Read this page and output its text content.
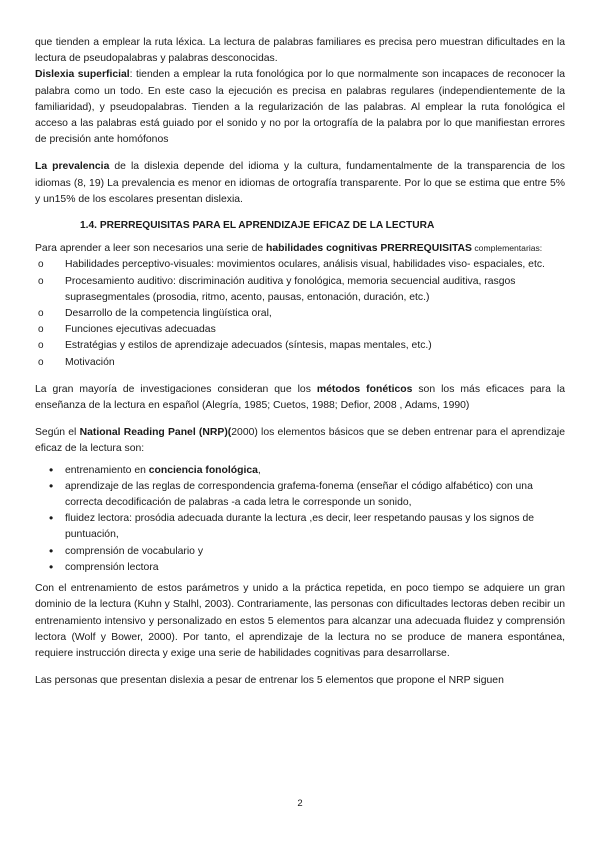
que tienden a emplear la ruta léxica. La lectura de palabras familiares es precisa pero muestran dificultades en la lectura de pseudopalabras y palabras desconocidas.

Dislexia superficial: tienden a emplear la ruta fonológica por lo que normalmente son incapaces de reconocer la palabra como un todo. En este caso la ejecución es precisa en palabras regulares (independientemente de la familiaridad), y pseudopalabras. Tienden a la regularización de las palabras. Al emplear la ruta fonológica el acceso a las palabras está guiado por el sonido y no por la ortografía de la palabra por lo que manifiestan errores de precisión ante homófonos

La prevalencia de la dislexia depende del idioma y la cultura, fundamentalmente de la transparencia de los idiomas (8, 19) La prevalencia es menor en idiomas de ortografía transparente. Por lo que se estima que entre 5% y un15% de los escolares presentan dislexia.

1.4. PRERREQUISITAS PARA EL APRENDIZAJE EFICAZ DE LA LECTURA

Para aprender a leer son necesarios una serie de habilidades cognitivas PRERREQUISITAS complementarias:

o Habilidades perceptivo-visuales: movimientos oculares, análisis visual, habilidades viso- espaciales, etc.
o Procesamiento auditivo: discriminación auditiva y fonológica, memoria secuencial auditiva, rasgos suprasegmentales (prosodia, ritmo, acento, pausas, entonación, duración, etc.)
o Desarrollo de la competencia lingüística oral,
o Funciones ejecutivas adecuadas
o Estratégias y estilos de aprendizaje adecuados (síntesis, mapas mentales, etc.)
o Motivación

La gran mayoría de investigaciones consideran que los métodos fonéticos son los más eficaces para la enseñanza de la lectura en español (Alegría, 1985; Cuetos, 1988; Defior, 2008 , Adams, 1990)

Según el National Reading Panel (NRP)(2000) los elementos básicos que se deben entrenar para el aprendizaje eficaz de la lectura son:

• entrenamiento en conciencia fonológica,
• aprendizaje de las reglas de correspondencia grafema-fonema (enseñar el código alfabético) con una correcta decodificación de palabras -a cada letra le corresponde un sonido,
• fluidez lectora: prosódia adecuada durante la lectura ,es decir, leer respetando pausas y los signos de puntuación,
• comprensión de vocabulario y
• comprensión lectora

Con el entrenamiento de estos parámetros y unido a la práctica repetida, en poco tiempo se adquiere un gran dominio de la lectura (Kuhn y Stalhl, 2003). Contrariamente, las personas con dificultades lectoras deben recibir un entrenamiento intensivo y personalizado en estos 5 elementos para alcanzar una adecuada fluidez y comprensión lectora (Wolf y Bower, 2000). Por tanto, el aprendizaje de la lectura no se produce de manera espontánea, requiere instrucción directa y exige una serie de habilidades cognitivas para desarrollarse.

Las personas que presentan dislexia a pesar de entrenar los 5 elementos que propone el NRP siguen

2
